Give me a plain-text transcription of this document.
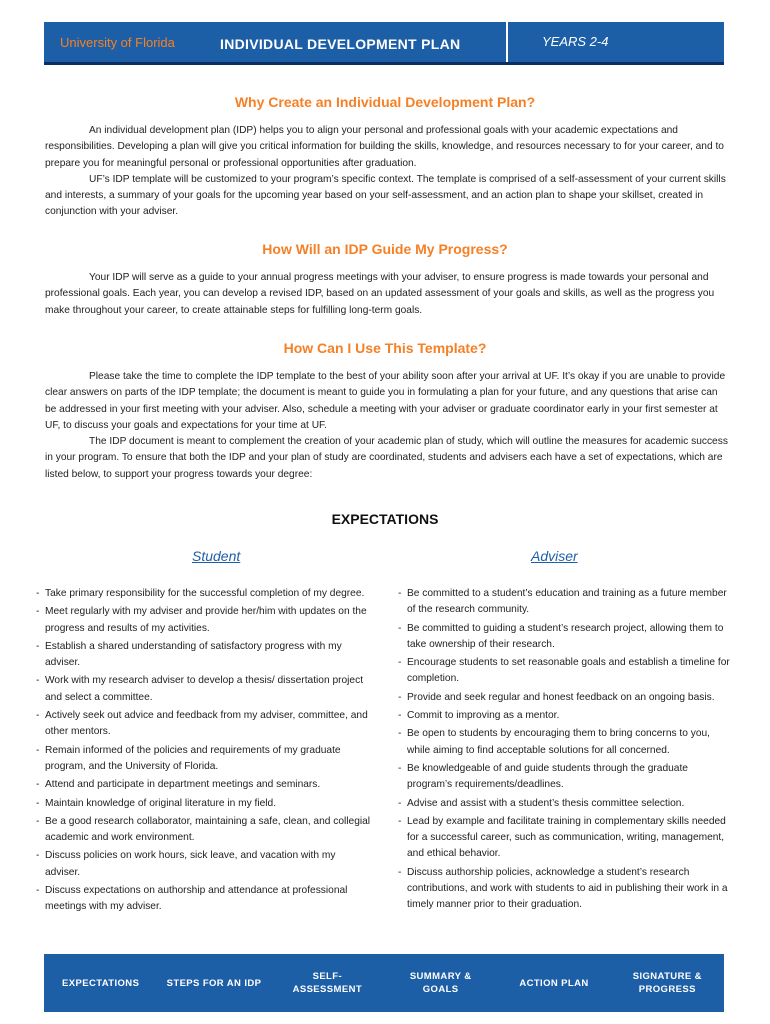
University of Florida	INDIVIDUAL DEVELOPMENT PLAN	YEARS 2-4
Why Create an Individual Development Plan?

An individual development plan (IDP) helps you to align your personal and professional goals with your academic expectations and responsibilities. Developing a plan will give you critical information for building the skills, knowledge, and resources necessary to for your career, and to prepare you for meaningful personal or professional opportunities after graduation.

UF’s IDP template will be customized to your program’s specific context. The template is comprised of a self-assessment of your current skills and interests, a summary of your goals for the upcoming year based on your self-assessment, and an action plan to shape your skillset, created in conjunction with your adviser.

How Will an IDP Guide My Progress?

Your IDP will serve as a guide to your annual progress meetings with your adviser, to ensure progress is made towards your personal and professional goals. Each year, you can develop a revised IDP, based on an updated assessment of your goals and skills, as well as the progress you make throughout your career, to create attainable steps for fulfilling long-term goals.

How Can I Use This Template?

Please take the time to complete the IDP template to the best of your ability soon after your arrival at UF. It’s okay if you are unable to provide clear answers on parts of the IDP template; the document is meant to guide you in formulating a plan for your future, and any questions that arise can be addressed in your first meeting with your adviser. Also, schedule a meeting with your adviser or graduate coordinator early in your first semester at UF, to discuss your goals and expectations for your time at UF.

The IDP document is meant to complement the creation of your academic plan of study, which will outline the measures for academic success in your program. To ensure that both the IDP and your plan of study are coordinated, students and advisers each have a set of expectations, which are listed below, to support your progress towards your degree:

EXPECTATIONS
Student	Adviser
- Take primary responsibility for the successful completion of my degree.
- Meet regularly with my adviser and provide her/him with updates on the progress and results of my activities.
- Establish a shared understanding of satisfactory progress with my adviser.
- Work with my research adviser to develop a thesis/ dissertation project and select a committee.
- Actively seek out advice and feedback from my adviser, committee, and other mentors.
- Remain informed of the policies and requirements of my graduate program, and the University of Florida.
- Attend and participate in department meetings and seminars.
- Maintain knowledge of original literature in my field.
- Be a good research collaborator, maintaining a safe, clean, and collegial academic and work environment.
- Discuss policies on work hours, sick leave, and vacation with my adviser.
- Discuss expectations on authorship and attendance at professional meetings with my adviser.
- Be committed to a student’s education and training as a future member of the research community.
- Be committed to guiding a student’s research project, allowing them to take ownership of their research.
- Encourage students to set reasonable goals and establish a timeline for completion.
- Provide and seek regular and honest feedback on an ongoing basis.
- Commit to improving as a mentor.
- Be open to students by encouraging them to bring concerns to you, while aiming to find acceptable solutions for all concerned.
- Be knowledgeable of and guide students through the graduate program’s requirements/deadlines.
- Advise and assist with a student’s thesis committee selection.
- Lead by example and facilitate training in complementary skills needed for a successful career, such as communication, writing, management, and ethical behavior.
- Discuss authorship policies, acknowledge a student’s research contributions, and work with students to aid in publishing their work in a timely manner prior to their graduation.
EXPECTATIONS	STEPS FOR AN IDP
SELF-
ASSESSMENT
SUMMARY &
GOALS
ACTION PLAN
SIGNATURE &
PROGRESS
